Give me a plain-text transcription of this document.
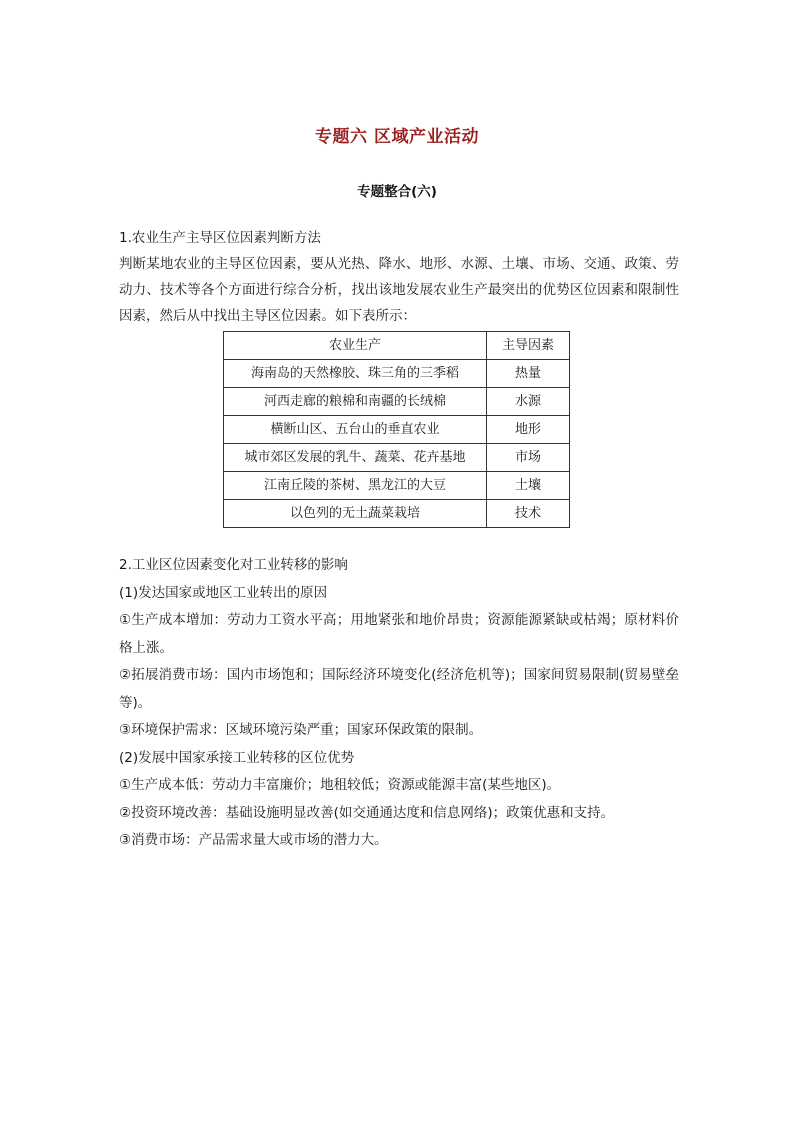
专题六 区域产业活动
专题整合(六)

1.农业生产主导区位因素判断方法

判断某地农业的主导区位因素，要从光热、降水、地形、水源、土壤、市场、交通、政策、劳动力、技术等各个方面进行综合分析，找出该地发展农业生产最突出的优势区位因素和限制性因素，然后从中找出主导区位因素。如下表所示：

农业生产	主导因素
海南岛的天然橡胶、珠三角的三季稻	热量
河西走廊的粮棉和南疆的长绒棉	水源
横断山区、五台山的垂直农业	地形
城市郊区发展的乳牛、蔬菜、花卉基地	市场
江南丘陵的茶树、黑龙江的大豆	土壤
以色列的无土蔬菜栽培	技术

2.工业区位因素变化对工业转移的影响

(1)发达国家或地区工业转出的原因

①生产成本增加：劳动力工资水平高；用地紧张和地价昂贵；资源能源紧缺或枯竭；原材料价格上涨。

②拓展消费市场：国内市场饱和；国际经济环境变化(经济危机等)；国家间贸易限制(贸易壁垒等)。

③环境保护需求：区域环境污染严重；国家环保政策的限制。

(2)发展中国家承接工业转移的区位优势

①生产成本低：劳动力丰富廉价；地租较低；资源或能源丰富(某些地区)。

②投资环境改善：基础设施明显改善(如交通通达度和信息网络)；政策优惠和支持。

③消费市场：产品需求量大或市场的潜力大。
